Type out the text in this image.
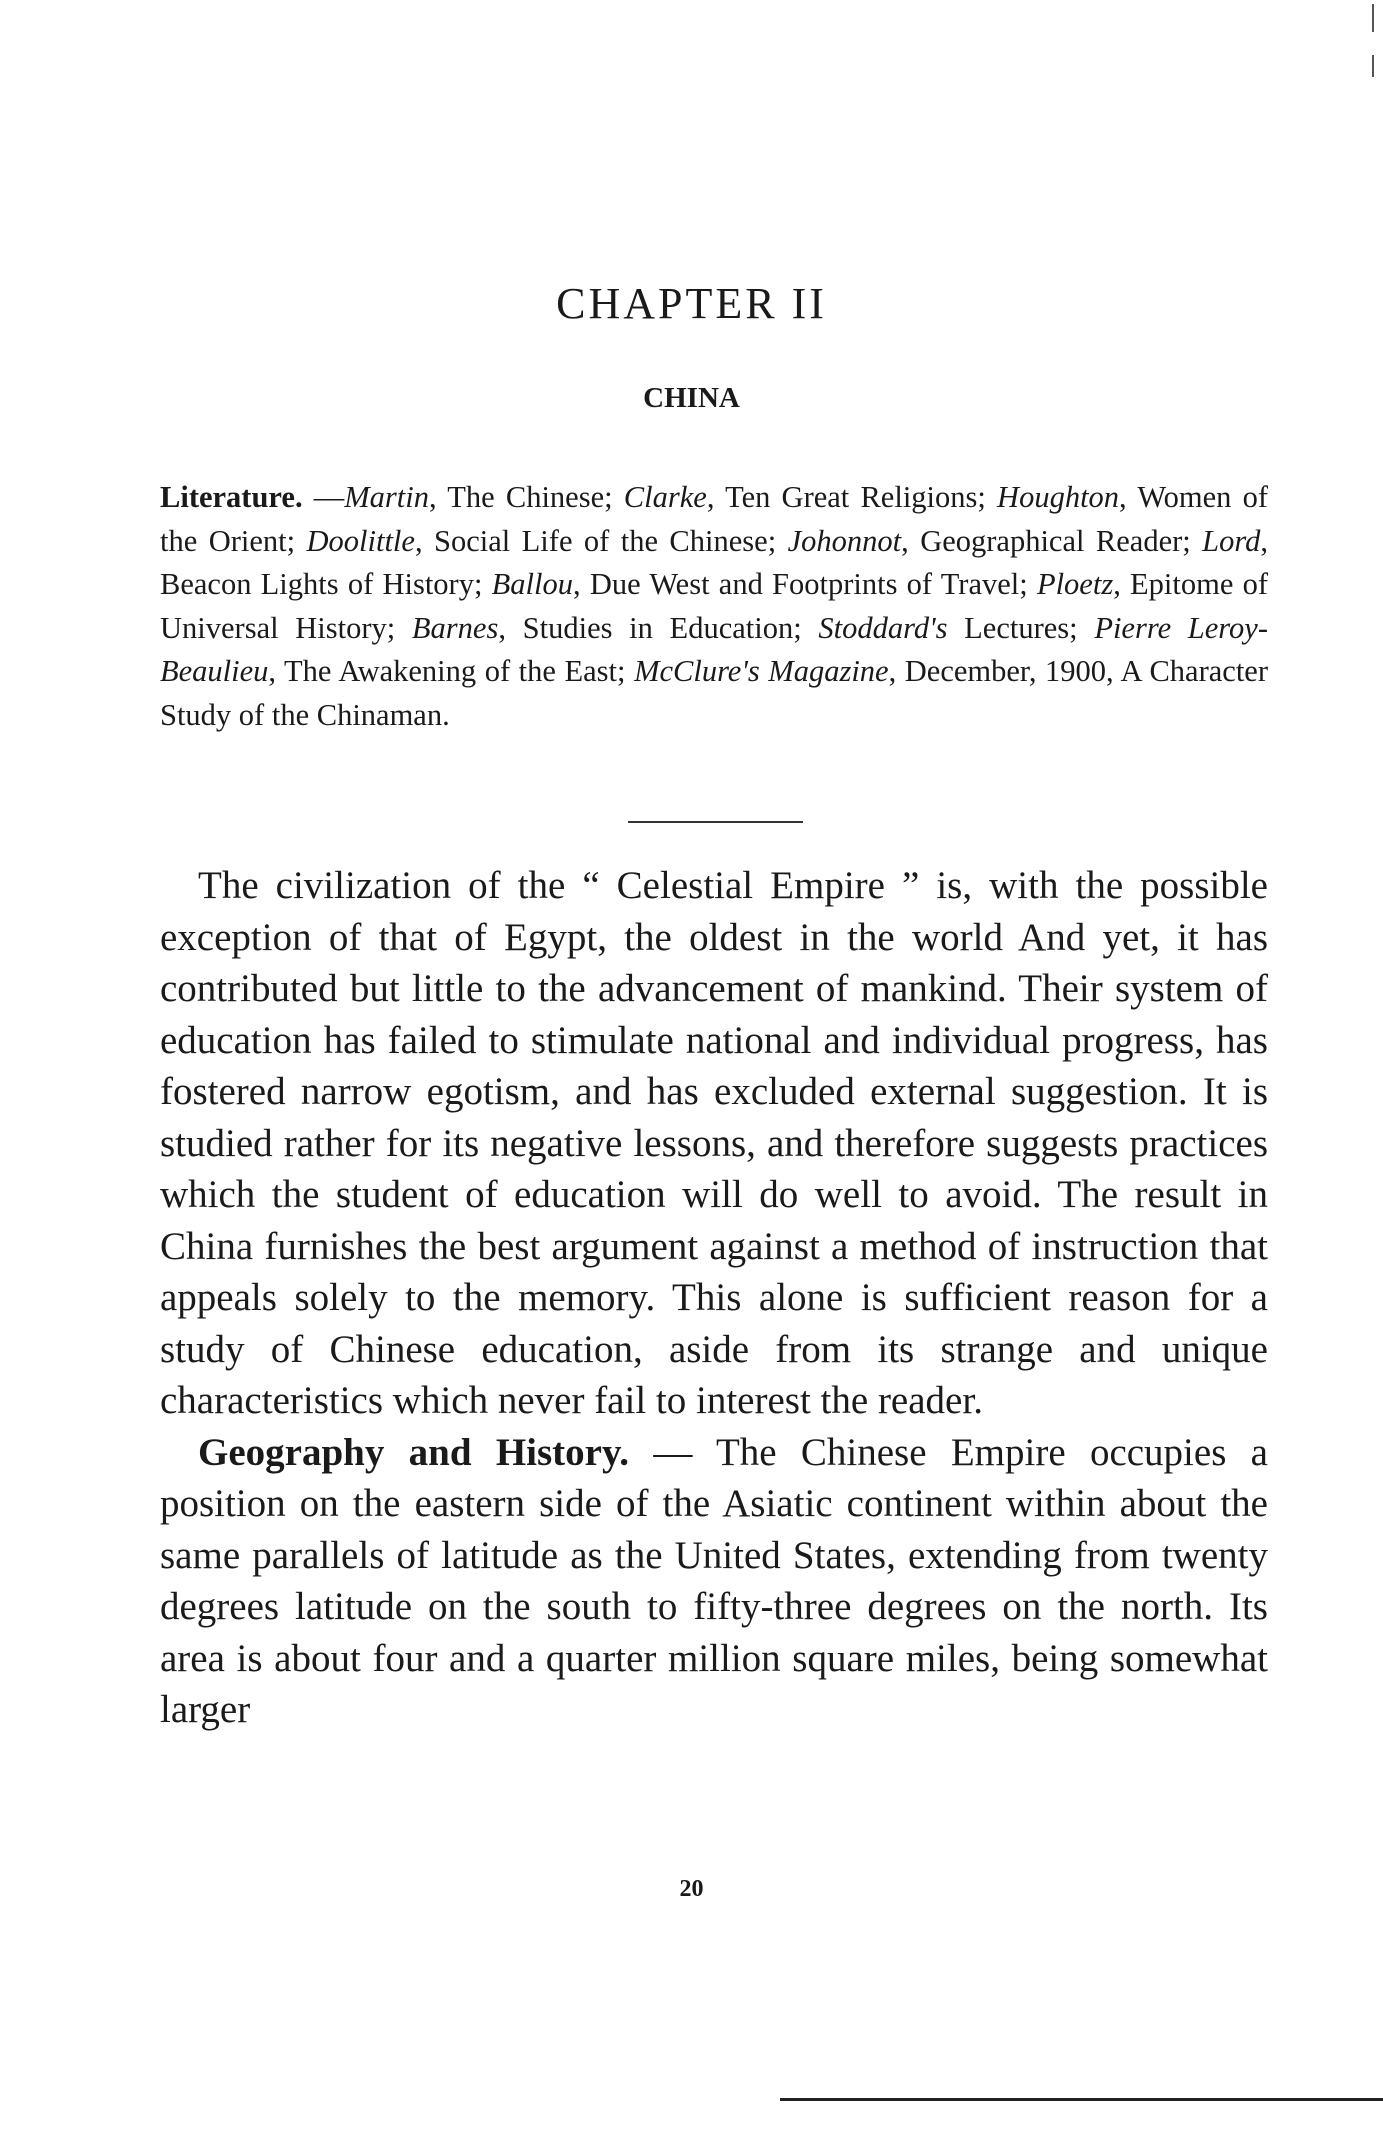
CHAPTER II
CHINA
Literature. —Martin, The Chinese; Clarke, Ten Great Religions; Houghton, Women of the Orient; Doolittle, Social Life of the Chinese; Johonnot, Geographical Reader; Lord, Beacon Lights of History; Ballou, Due West and Footprints of Travel; Ploetz, Epitome of Universal History; Barnes, Studies in Education; Stoddard's Lectures; Pierre Leroy-Beaulieu, The Awakening of the East; McClure's Magazine, December, 1900, A Character Study of the Chinaman.

The civilization of the “ Celestial Empire ” is, with the possible exception of that of Egypt, the oldest in the world And yet, it has contributed but little to the advancement of mankind. Their system of education has failed to stimulate national and individual progress, has fostered narrow egotism, and has excluded external suggestion. It is studied rather for its negative lessons, and therefore suggests practices which the student of education will do well to avoid. The result in China furnishes the best argument against a method of instruction that appeals solely to the memory. This alone is sufficient reason for a study of Chinese education, aside from its strange and unique characteristics which never fail to interest the reader.

Geography and History. — The Chinese Empire occupies a position on the eastern side of the Asiatic continent within about the same parallels of latitude as the United States, extending from twenty degrees latitude on the south to fifty-three degrees on the north. Its area is about four and a quarter million square miles, being somewhat larger

20
